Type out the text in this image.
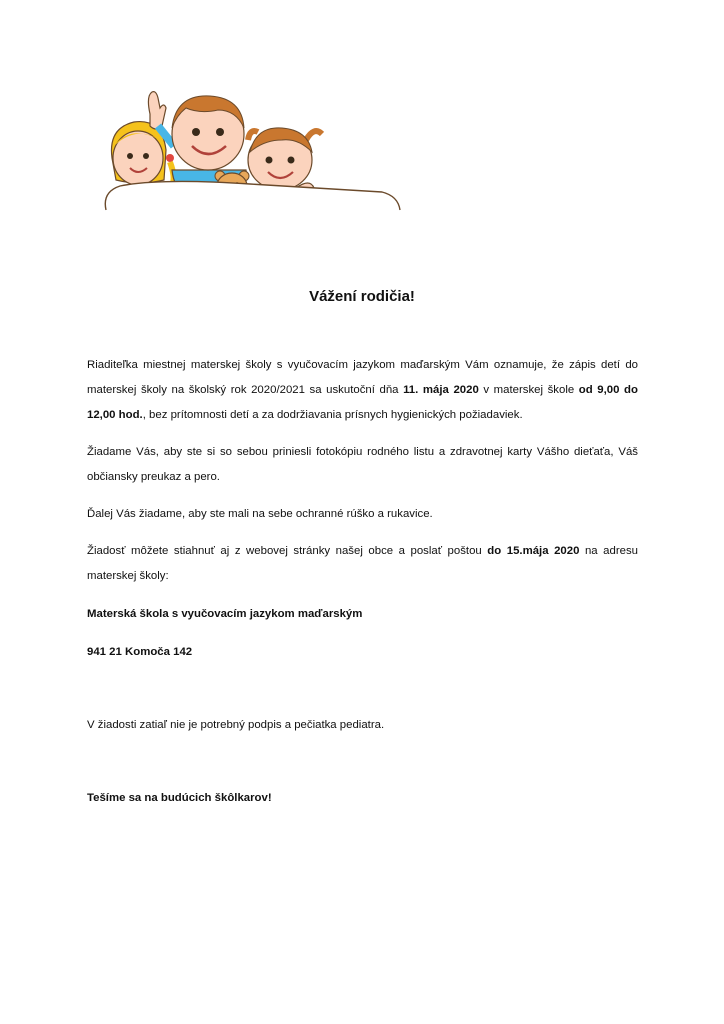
Vážení rodičia!

Riaditeľka miestnej materskej školy s vyučovacím jazykom maďarským Vám oznamuje, že zápis detí do materskej školy na školský rok 2020/2021 sa uskutoční dňa 11. mája 2020 v materskej škole od 9,00 do 12,00 hod., bez prítomnosti detí a za dodržiavania prísnych hygienických požiadaviek.

Žiadame Vás, aby ste si so sebou priniesli fotokópiu rodného listu a zdravotnej karty Vášho dieťaťa, Váš občiansky preukaz a pero.

Ďalej Vás žiadame, aby ste mali na sebe ochranné rúško a rukavice.

Žiadosť môžete stiahnuť aj z webovej stránky našej obce a poslať poštou do 15.mája 2020 na adresu materskej školy:

Materská škola s vyučovacím jazykom maďarským

941 21 Komoča 142

V žiadosti zatiaľ nie je potrebný podpis a pečiatka pediatra.

Tešíme sa na budúcich škôlkarov!
